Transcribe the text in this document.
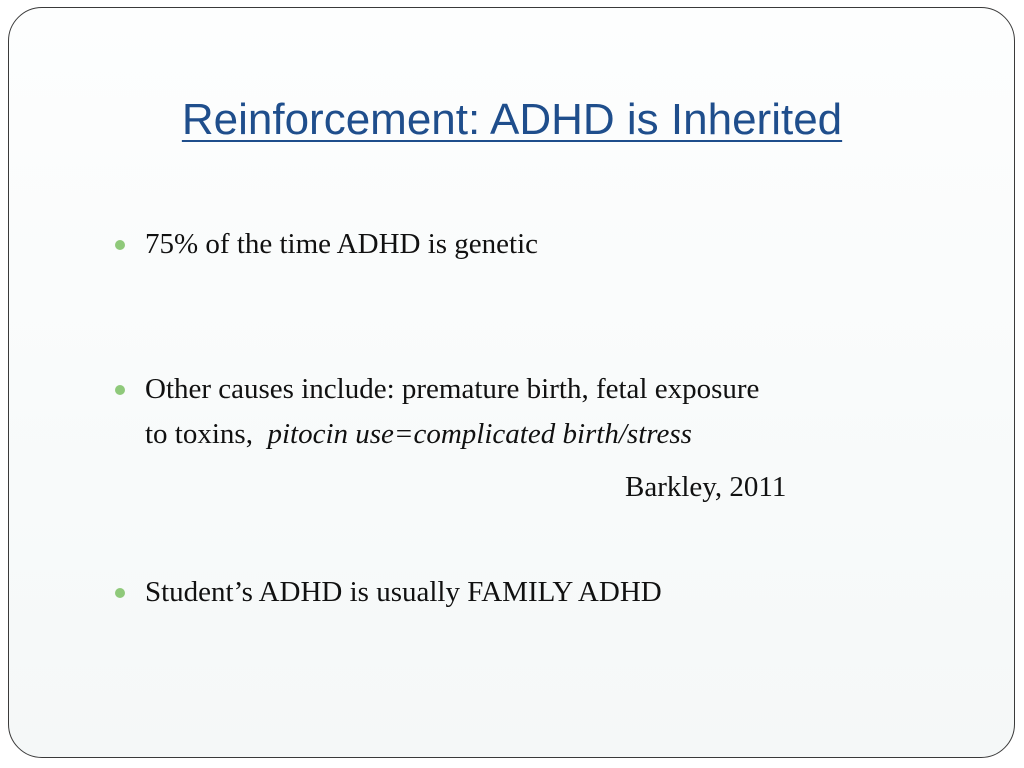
Reinforcement: ADHD is Inherited
75% of the time ADHD is genetic
Other causes include: premature birth, fetal exposure
to toxins, pitocin use=complicated birth/stress
Barkley, 2011
Student’s ADHD is usually FAMILY ADHD
